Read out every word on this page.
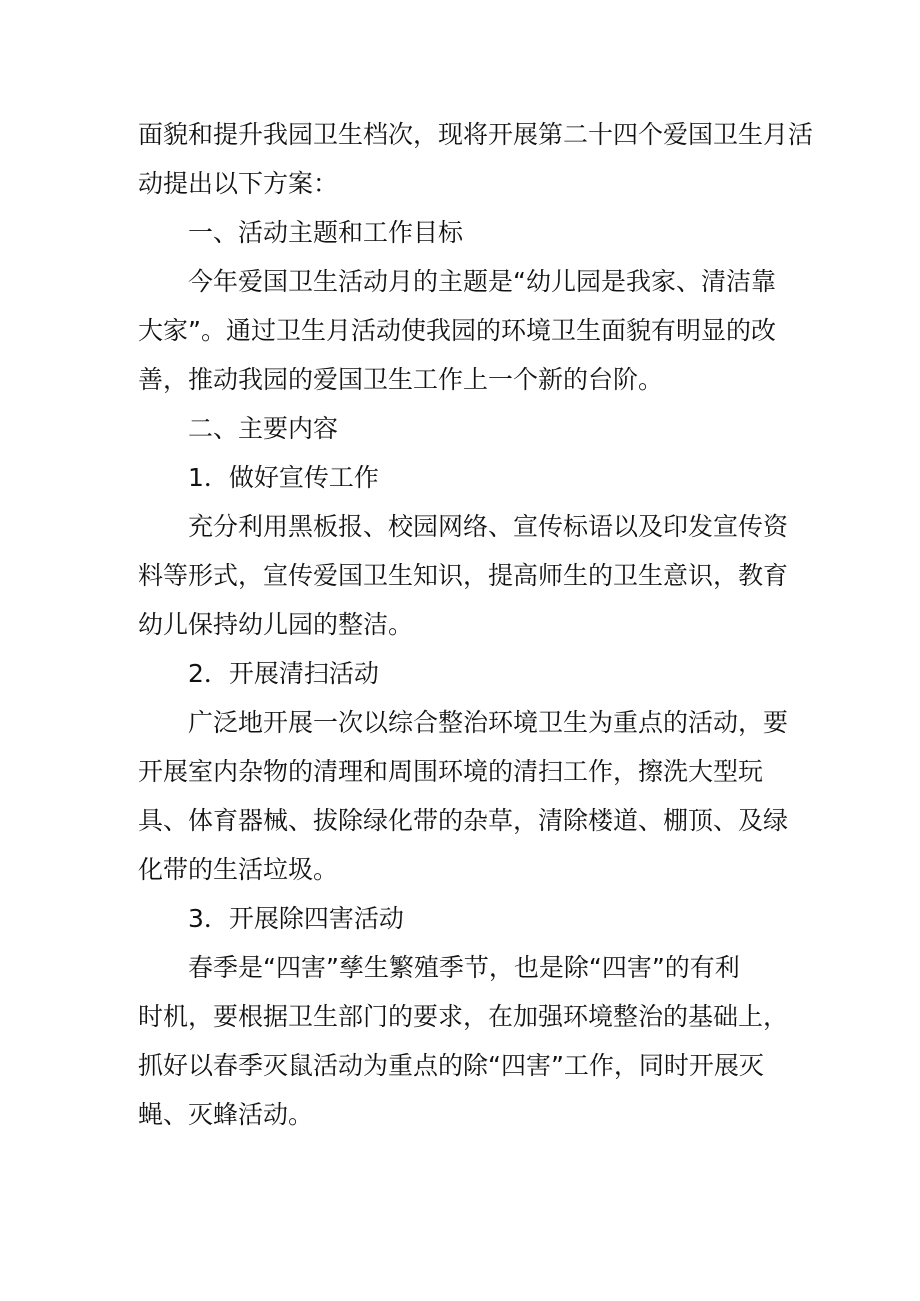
面貌和提升我园卫生档次，现将开展第二十四个爱国卫生月活
动提出以下方案：
一、活动主题和工作目标
今年爱国卫生活动月的主题是“幼儿园是我家、清洁靠
大家”。通过卫生月活动使我园的环境卫生面貌有明显的改
善，推动我园的爱国卫生工作上一个新的台阶。
二、主要内容
1．做好宣传工作
充分利用黑板报、校园网络、宣传标语以及印发宣传资
料等形式，宣传爱国卫生知识，提高师生的卫生意识，教育
幼儿保持幼儿园的整洁。
2．开展清扫活动
广泛地开展一次以综合整治环境卫生为重点的活动，要
开展室内杂物的清理和周围环境的清扫工作，擦洗大型玩
具、体育器械、拔除绿化带的杂草，清除楼道、棚顶、及绿
化带的生活垃圾。
3．开展除四害活动
春季是“四害”孳生繁殖季节，也是除“四害”的有利
时机，要根据卫生部门的要求，在加强环境整治的基础上，
抓好以春季灭鼠活动为重点的除“四害”工作，同时开展灭
蝇、灭蜂活动。
